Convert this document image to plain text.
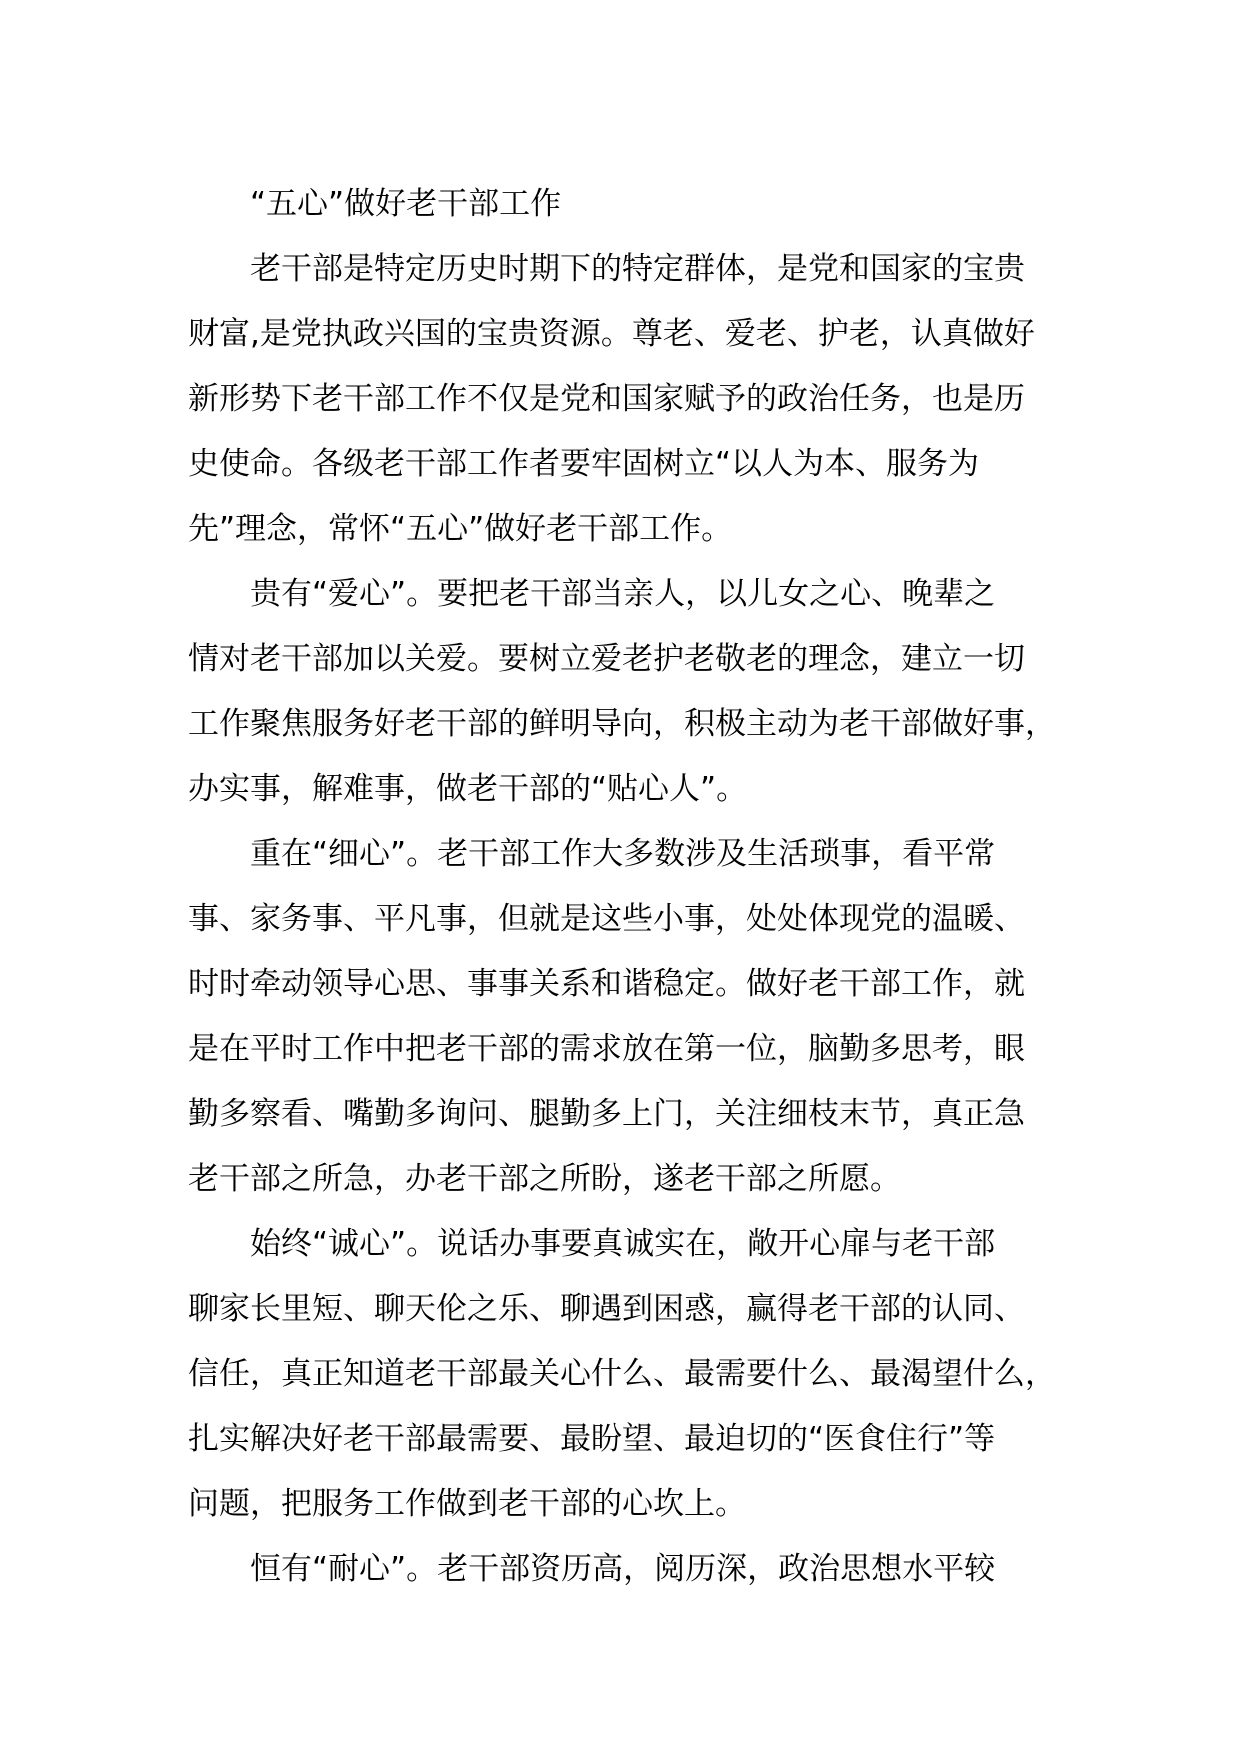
“五心”做好老干部工作
老干部是特定历史时期下的特定群体，是党和国家的宝贵
财富,是党执政兴国的宝贵资源。尊老、爱老、护老，认真做好
新形势下老干部工作不仅是党和国家赋予的政治任务，也是历
史使命。各级老干部工作者要牢固树立“以人为本、服务为
先”理念，常怀“五心”做好老干部工作。
贵有“爱心”。要把老干部当亲人，以儿女之心、晚辈之
情对老干部加以关爱。要树立爱老护老敬老的理念，建立一切
工作聚焦服务好老干部的鲜明导向，积极主动为老干部做好事，
办实事，解难事，做老干部的“贴心人”。
重在“细心”。老干部工作大多数涉及生活琐事，看平常
事、家务事、平凡事，但就是这些小事，处处体现党的温暖、
时时牵动领导心思、事事关系和谐稳定。做好老干部工作，就
是在平时工作中把老干部的需求放在第一位，脑勤多思考，眼
勤多察看、嘴勤多询问、腿勤多上门，关注细枝末节，真正急
老干部之所急，办老干部之所盼，遂老干部之所愿。
始终“诚心”。说话办事要真诚实在，敞开心扉与老干部
聊家长里短、聊天伦之乐、聊遇到困惑，赢得老干部的认同、
信任，真正知道老干部最关心什么、最需要什么、最渴望什么，
扎实解决好老干部最需要、最盼望、最迫切的“医食住行”等
问题，把服务工作做到老干部的心坎上。
恒有“耐心”。老干部资历高，阅历深，政治思想水平较
